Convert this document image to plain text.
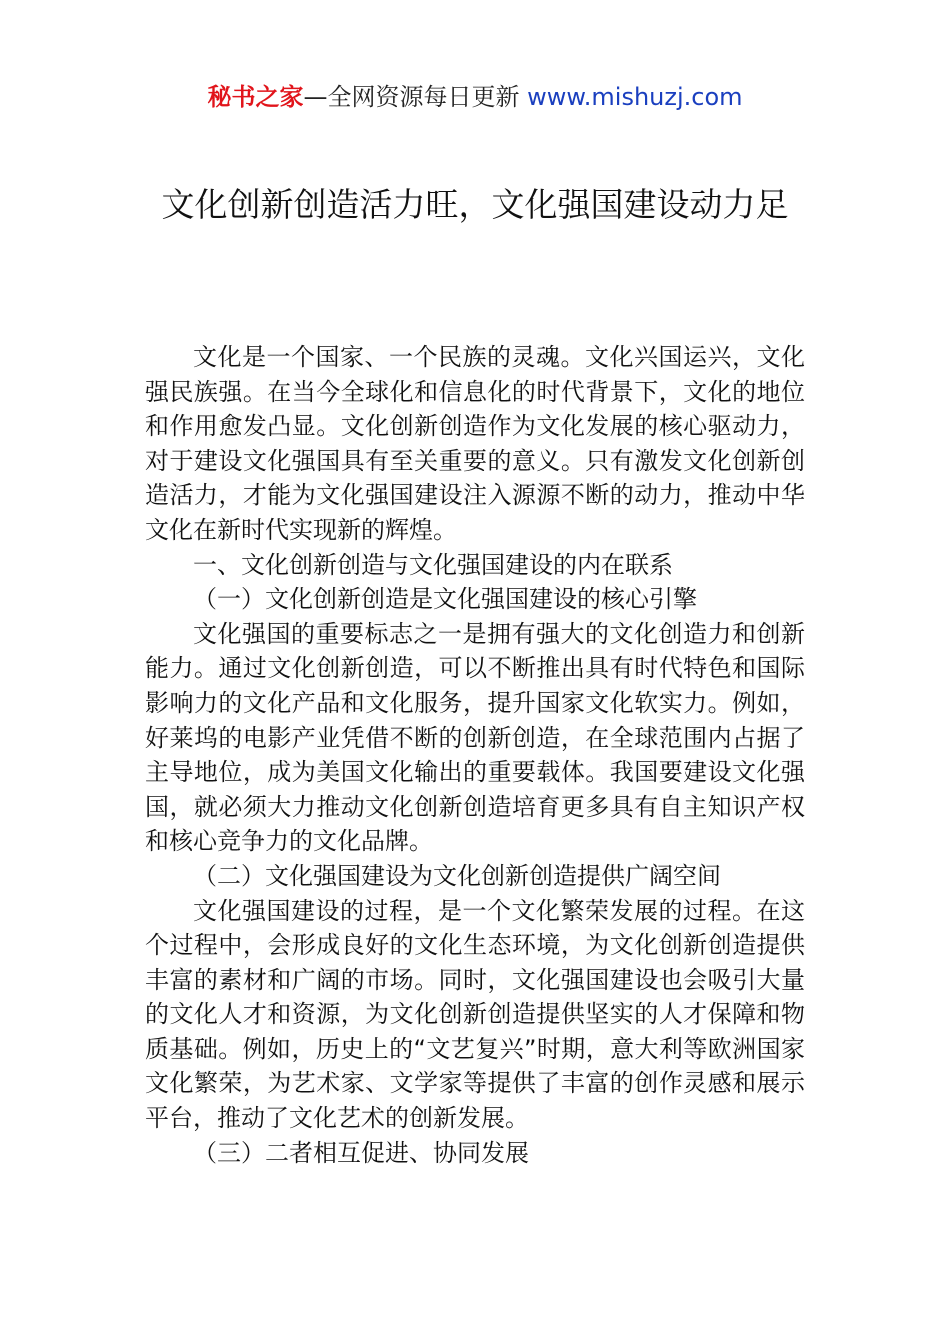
秘书之家—全网资源每日更新 www.mishuzj.com
文化创新创造活力旺，文化强国建设动力足

文化是一个国家、一个民族的灵魂。文化兴国运兴，文化强民族强。在当今全球化和信息化的时代背景下，文化的地位和作用愈发凸显。文化创新创造作为文化发展的核心驱动力，对于建设文化强国具有至关重要的意义。只有激发文化创新创造活力，才能为文化强国建设注入源源不断的动力，推动中华文化在新时代实现新的辉煌。

一、文化创新创造与文化强国建设的内在联系

（一）文化创新创造是文化强国建设的核心引擎

文化强国的重要标志之一是拥有强大的文化创造力和创新能力。通过文化创新创造，可以不断推出具有时代特色和国际影响力的文化产品和文化服务，提升国家文化软实力。例如，好莱坞的电影产业凭借不断的创新创造，在全球范围内占据了主导地位，成为美国文化输出的重要载体。我国要建设文化强国，就必须大力推动文化创新创造培育更多具有自主知识产权和核心竞争力的文化品牌。

（二）文化强国建设为文化创新创造提供广阔空间

文化强国建设的过程，是一个文化繁荣发展的过程。在这个过程中，会形成良好的文化生态环境，为文化创新创造提供丰富的素材和广阔的市场。同时，文化强国建设也会吸引大量的文化人才和资源，为文化创新创造提供坚实的人才保障和物质基础。例如，历史上的“文艺复兴”时期，意大利等欧洲国家文化繁荣，为艺术家、文学家等提供了丰富的创作灵感和展示平台，推动了文化艺术的创新发展。

（三）二者相互促进、协同发展
